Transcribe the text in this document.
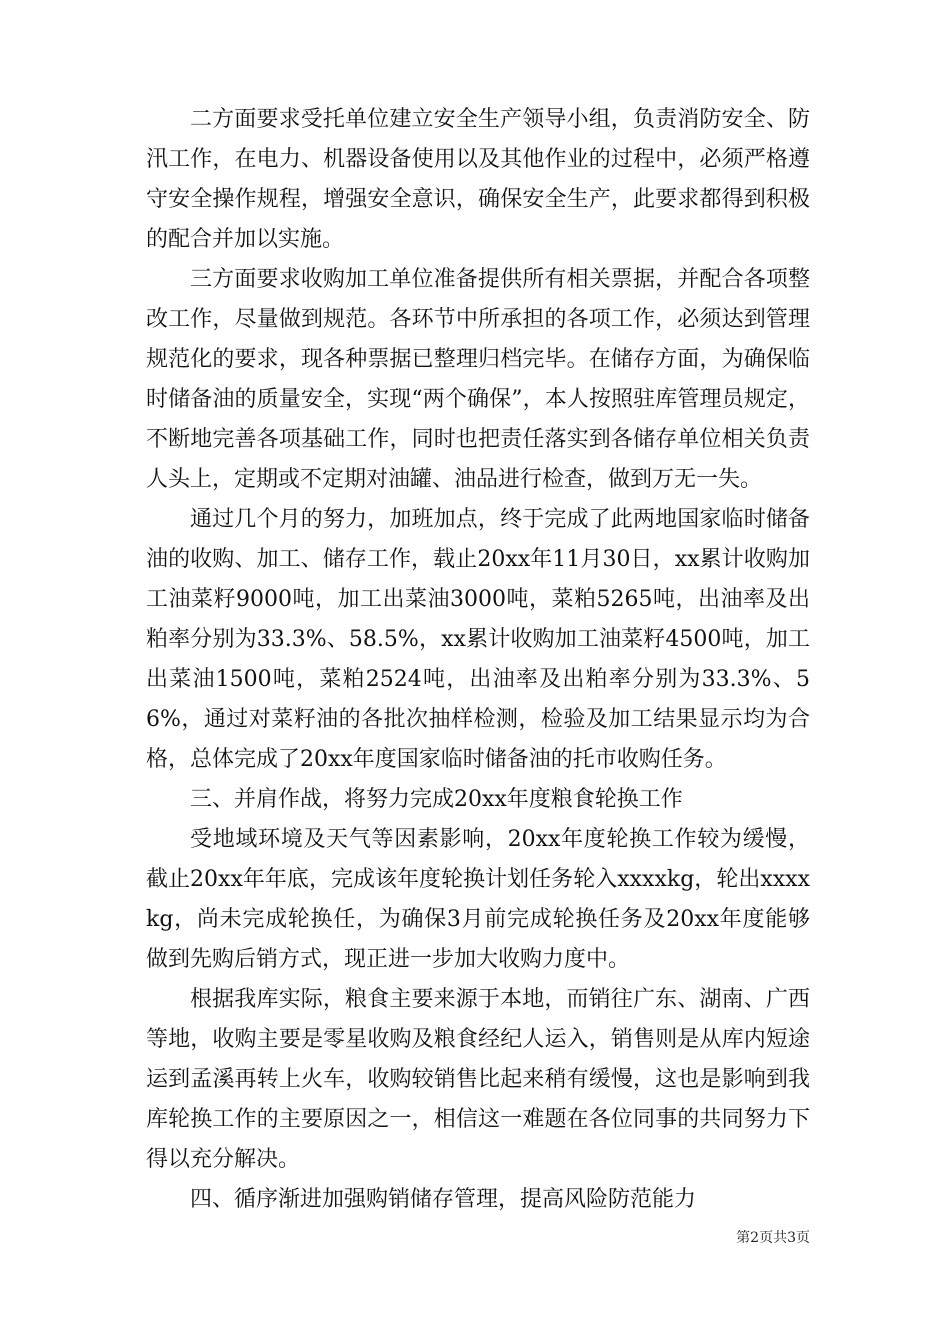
二方面要求受托单位建立安全生产领导小组，负责消防安全、防汛工作，在电力、机器设备使用以及其他作业的过程中，必须严格遵守安全操作规程，增强安全意识，确保安全生产，此要求都得到积极的配合并加以实施。

三方面要求收购加工单位准备提供所有相关票据，并配合各项整改工作，尽量做到规范。各环节中所承担的各项工作，必须达到管理规范化的要求，现各种票据已整理归档完毕。在储存方面，为确保临时储备油的质量安全，实现“两个确保”，本人按照驻库管理员规定，不断地完善各项基础工作，同时也把责任落实到各储存单位相关负责人头上，定期或不定期对油罐、油品进行检查，做到万无一失。

通过几个月的努力，加班加点，终于完成了此两地国家临时储备油的收购、加工、储存工作，载止20xx年11月30日，xx累计收购加工油菜籽9000吨，加工出菜油3000吨，菜粕5265吨，出油率及出粕率分别为33.3%、58.5%，xx累计收购加工油菜籽4500吨，加工出菜油1500吨，菜粕2524吨，出油率及出粕率分别为33.3%、56%，通过对菜籽油的各批次抽样检测，检验及加工结果显示均为合格，总体完成了20xx年度国家临时储备油的托市收购任务。

三、并肩作战，将努力完成20xx年度粮食轮换工作

受地域环境及天气等因素影响，20xx年度轮换工作较为缓慢，截止20xx年年底，完成该年度轮换计划任务轮入xxxxkg，轮出xxxxkg，尚未完成轮换任，为确保3月前完成轮换任务及20xx年度能够做到先购后销方式，现正进一步加大收购力度中。

根据我库实际，粮食主要来源于本地，而销往广东、湖南、广西等地，收购主要是零星收购及粮食经纪人运入，销售则是从库内短途运到孟溪再转上火车，收购较销售比起来稍有缓慢，这也是影响到我库轮换工作的主要原因之一，相信这一难题在各位同事的共同努力下得以充分解决。

四、循序渐进加强购销储存管理，提高风险防范能力

第2页共3页
